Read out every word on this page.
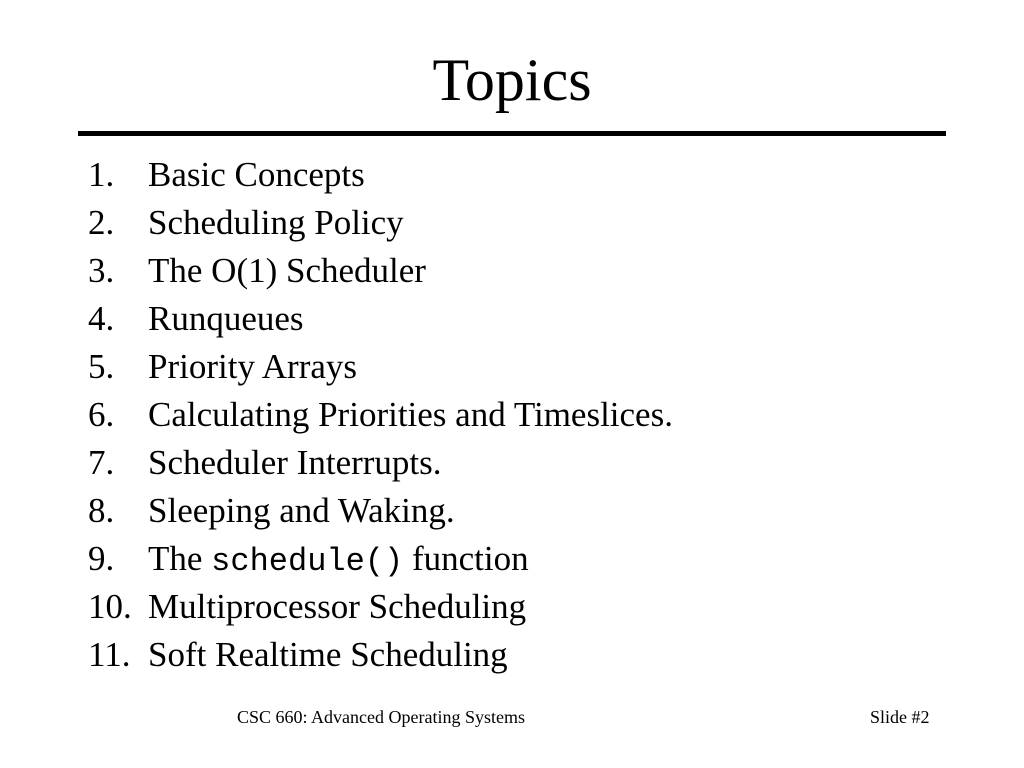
Topics
1. Basic Concepts
2. Scheduling Policy
3. The O(1) Scheduler
4. Runqueues
5. Priority Arrays
6. Calculating Priorities and Timeslices.
7. Scheduler Interrupts.
8. Sleeping and Waking.
9. The schedule() function
10. Multiprocessor Scheduling
11. Soft Realtime Scheduling
CSC 660: Advanced Operating Systems	Slide #2
